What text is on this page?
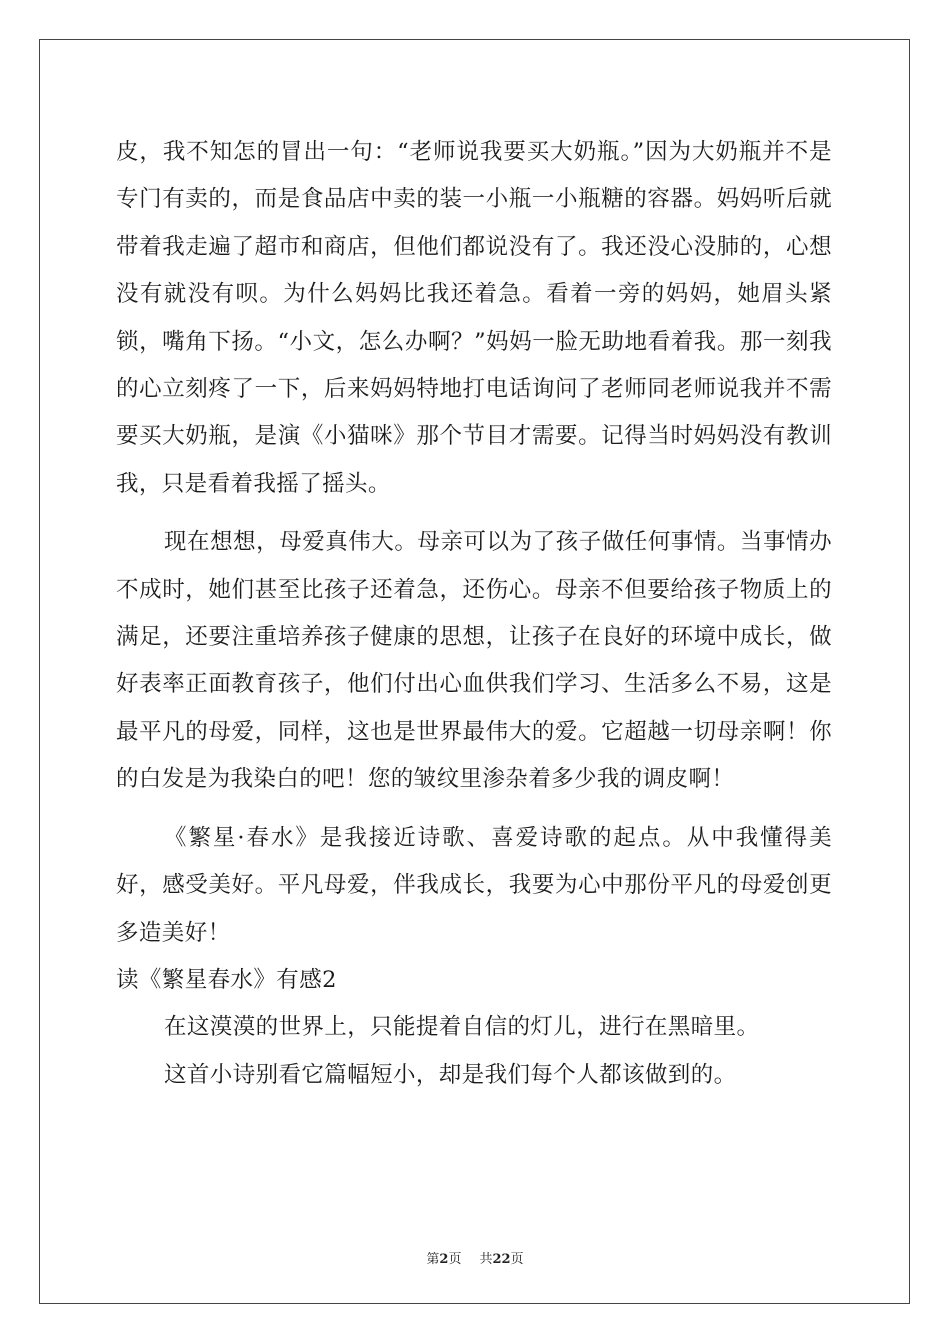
皮，我不知怎的冒出一句：“老师说我要买大奶瓶。”因为大奶瓶并不是专门有卖的，而是食品店中卖的装一小瓶一小瓶糖的容器。妈妈听后就带着我走遍了超市和商店，但他们都说没有了。我还没心没肺的，心想没有就没有呗。为什么妈妈比我还着急。看着一旁的妈妈，她眉头紧锁，嘴角下扬。“小文，怎么办啊？”妈妈一脸无助地看着我。那一刻我的心立刻疼了一下，后来妈妈特地打电话询问了老师同老师说我并不需要买大奶瓶，是演《小猫咪》那个节目才需要。记得当时妈妈没有教训我，只是看着我摇了摇头。

现在想想，母爱真伟大。母亲可以为了孩子做任何事情。当事情办不成时，她们甚至比孩子还着急，还伤心。母亲不但要给孩子物质上的满足，还要注重培养孩子健康的思想，让孩子在良好的环境中成长，做好表率正面教育孩子，他们付出心血供我们学习、生活多么不易，这是最平凡的母爱，同样，这也是世界最伟大的爱。它超越一切母亲啊！你的白发是为我染白的吧！您的皱纹里渗杂着多少我的调皮啊！

《繁星·春水》是我接近诗歌、喜爱诗歌的起点。从中我懂得美好，感受美好。平凡母爱，伴我成长，我要为心中那份平凡的母爱创更多造美好！

读《繁星春水》有感2

在这漠漠的世界上，只能提着自信的灯儿，进行在黑暗里。

这首小诗别看它篇幅短小，却是我们每个人都该做到的。

第2页 共22页
